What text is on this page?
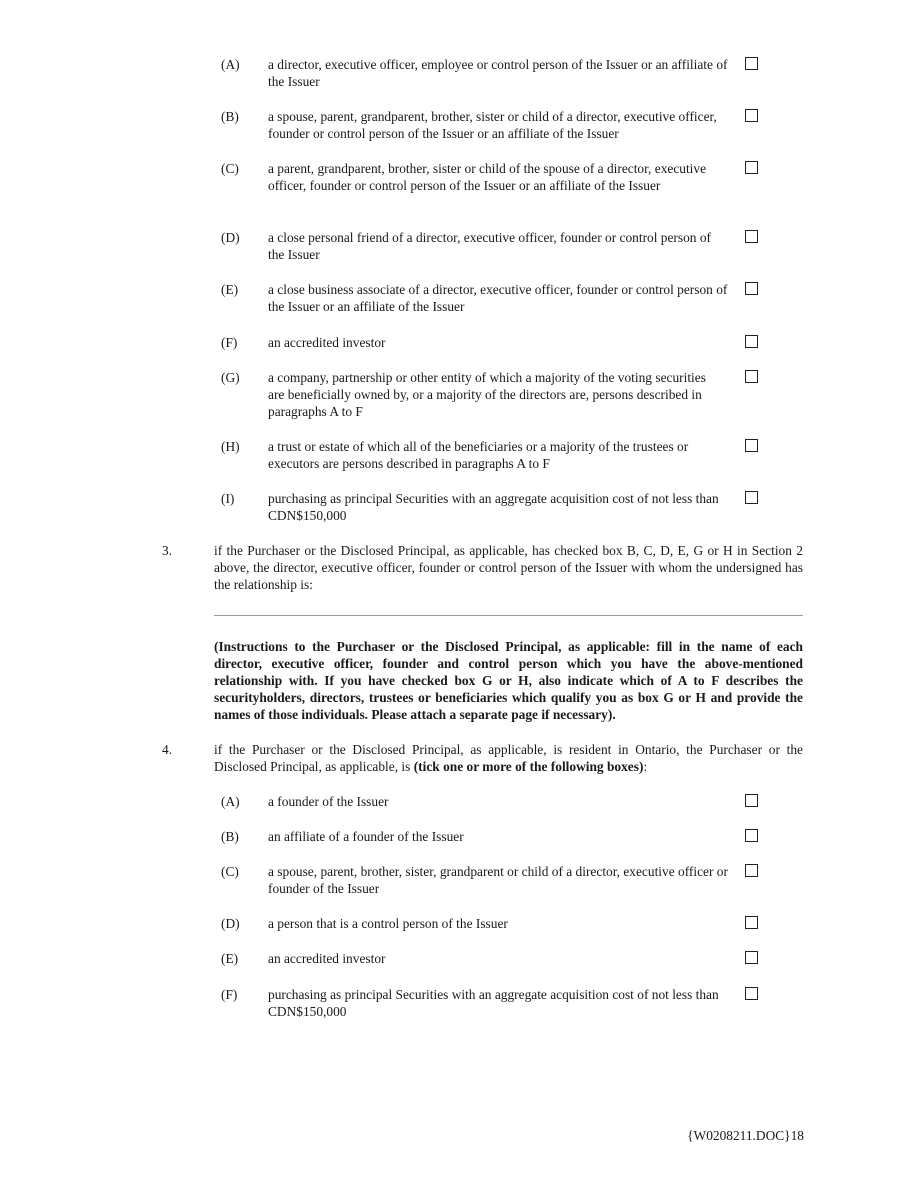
(A) a director, executive officer, employee or control person of the Issuer or an affiliate of the Issuer
(B) a spouse, parent, grandparent, brother, sister or child of a director, executive officer, founder or control person of the Issuer or an affiliate of the Issuer
(C) a parent, grandparent, brother, sister or child of the spouse of a director, executive officer, founder or control person of the Issuer or an affiliate of the Issuer
(D) a close personal friend of a director, executive officer, founder or control person of the Issuer
(E) a close business associate of a director, executive officer, founder or control person of the Issuer or an affiliate of the Issuer
(F) an accredited investor
(G) a company, partnership or other entity of which a majority of the voting securities are beneficially owned by, or a majority of the directors are, persons described in paragraphs A to F
(H) a trust or estate of which all of the beneficiaries or a majority of the trustees or executors are persons described in paragraphs A to F
(I)	purchasing as principal Securities with an aggregate acquisition cost of not less than CDN$150,000
3.	if the Purchaser or the Disclosed Principal, as applicable, has checked box B, C, D, E, G or H in Section 2 above, the director, executive officer, founder or control person of the Issuer with whom the undersigned has the relationship is:
(Instructions to the Purchaser or the Disclosed Principal, as applicable: fill in the name of each director, executive officer, founder and control person which you have the above-mentioned relationship with. If you have checked box G or H, also indicate which of A to F describes the securityholders, directors, trustees or beneficiaries which qualify you as box G or H and provide the names of those individuals. Please attach a separate page if necessary).
4.	if the Purchaser or the Disclosed Principal, as applicable, is resident in Ontario, the Purchaser or the Disclosed Principal, as applicable, is (tick one or more of the following boxes):
(A) a founder of the Issuer
(B) an affiliate of a founder of the Issuer
(C) a spouse, parent, brother, sister, grandparent or child of a director, executive officer or founder of the Issuer
(D) a person that is a control person of the Issuer
(E) an accredited investor
(F) purchasing as principal Securities with an aggregate acquisition cost of not less than CDN$150,000
{W0208211.DOC}18
